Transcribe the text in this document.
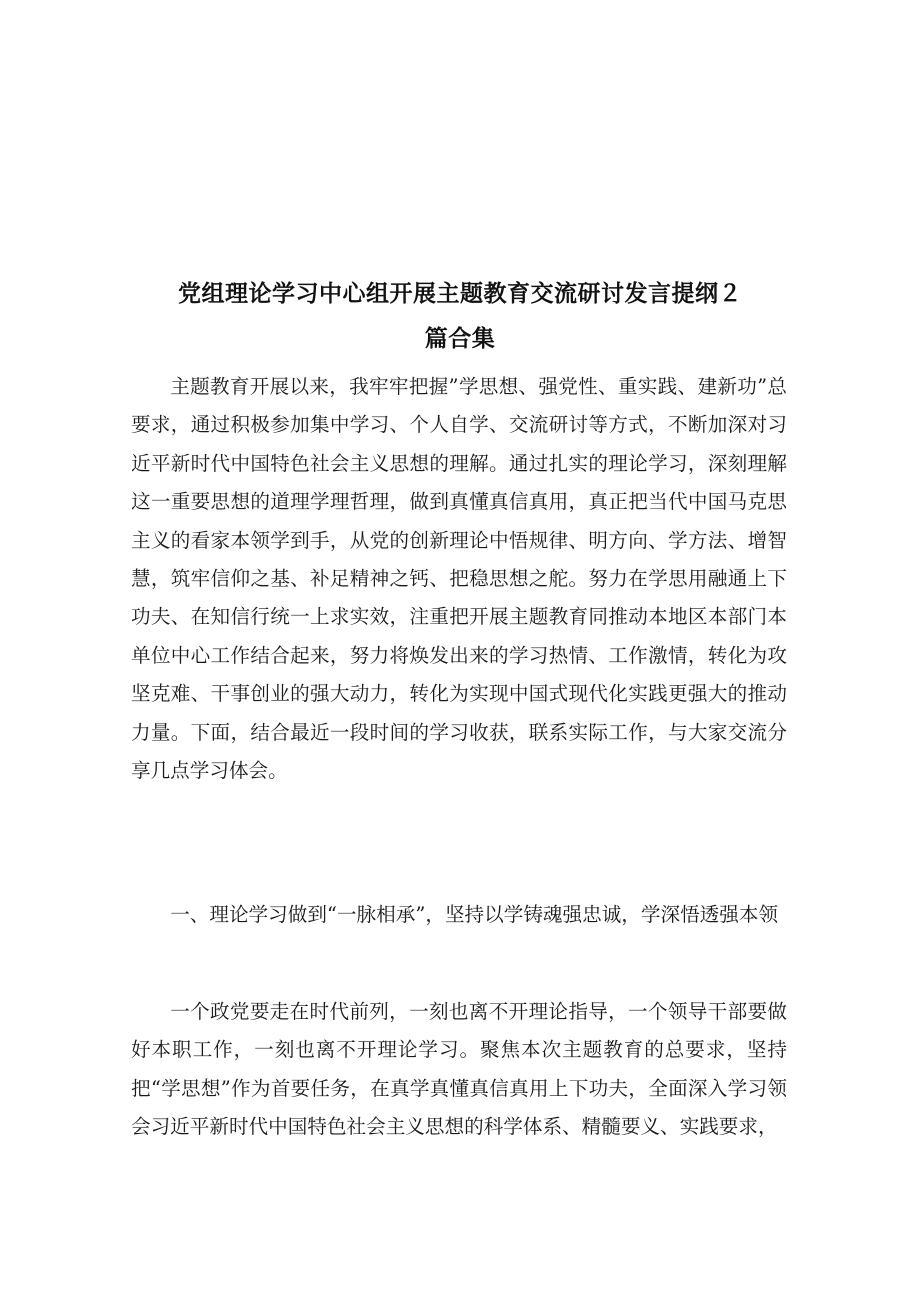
党组理论学习中心组开展主题教育交流研讨发言提纲２
篇合集

主题教育开展以来，我牢牢把握”学思想、强党性、重实践、建新功”总要求，通过积极参加集中学习、个人自学、交流研讨等方式，不断加深对习近平新时代中国特色社会主义思想的理解。通过扎实的理论学习，深刻理解这一重要思想的道理学理哲理，做到真懂真信真用，真正把当代中国马克思主义的看家本领学到手，从党的创新理论中悟规律、明方向、学方法、增智慧，筑牢信仰之基、补足精神之钙、把稳思想之舵。努力在学思用融通上下功夫、在知信行统一上求实效，注重把开展主题教育同推动本地区本部门本单位中心工作结合起来，努力将焕发出来的学习热情、工作激情，转化为攻坚克难、干事创业的强大动力，转化为实现中国式现代化实践更强大的推动力量。下面，结合最近一段时间的学习收获，联系实际工作，与大家交流分享几点学习体会。

一、理论学习做到“一脉相承”，坚持以学铸魂强忠诚，学深悟透强本领

一个政党要走在时代前列，一刻也离不开理论指导，一个领导干部要做好本职工作，一刻也离不开理论学习。聚焦本次主题教育的总要求，坚持把“学思想”作为首要任务，在真学真懂真信真用上下功夫，全面深入学习领会习近平新时代中国特色社会主义思想的科学体系、精髓要义、实践要求，
